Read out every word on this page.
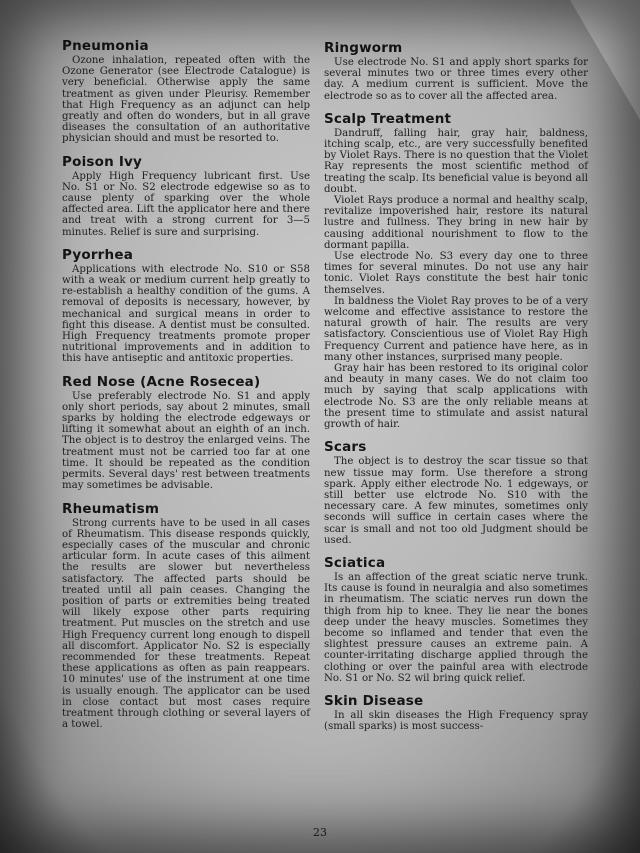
Pneumonia

Ozone inhalation, repeated often with the Ozone Generator (see Electrode Catalogue) is very beneficial. Otherwise apply the same treatment as given under Pleurisy. Remember that High Frequency as an adjunct can help greatly and often do wonders, but in all grave diseases the consultation of an authoritative physician should and must be resorted to.

Poison Ivy

Apply High Frequency lubricant first. Use No. S1 or No. S2 electrode edgewise so as to cause plenty of sparking over the whole affected area. Lift the applicator here and there and treat with a strong current for 3—5 minutes. Relief is sure and surprising.

Pyorrhea

Applications with electrode No. S10 or S58 with a weak or medium current help greatly to re-establish a healthy condition of the gums. A removal of deposits is necessary, however, by mechanical and surgical means in order to fight this disease. A dentist must be consulted. High Frequency treatments promote proper nutritional improvements and in addition to this have antiseptic and antitoxic properties.

Red Nose (Acne Rosecea)

Use preferably electrode No. S1 and apply only short periods, say about 2 minutes, small sparks by holding the electrode edgeways or lifting it somewhat about an eighth of an inch. The object is to destroy the enlarged veins. The treatment must not be carried too far at one time. It should be repeated as the condition permits. Several days' rest between treatments may sometimes be advisable.

Rheumatism

Strong currents have to be used in all cases of Rheumatism. This disease responds quickly, especially cases of the muscular and chronic articular form. In acute cases of this ailment the results are slower but nevertheless satisfactory. The affected parts should be treated until all pain ceases. Changing the position of parts or extremities being treated will likely expose other parts requiring treatment. Put muscles on the stretch and use High Frequency current long enough to dispell all discomfort. Applicator No. S2 is especially recommended for these treatments. Repeat these applications as often as pain reappears. 10 minutes' use of the instrument at one time is usually enough. The applicator can be used in close contact but most cases require treatment through clothing or several layers of a towel.

Ringworm

Use electrode No. S1 and apply short sparks for several minutes two or three times every other day. A medium current is sufficient. Move the electrode so as to cover all the affected area.

Scalp Treatment

Dandruff, falling hair, gray hair, baldness, itching scalp, etc., are very successfully benefited by Violet Rays. There is no question that the Violet Ray represents the most scientific method of treating the scalp. Its beneficial value is beyond all doubt.

Violet Rays produce a normal and healthy scalp, revitalize impoverished hair, restore its natural lustre and fullness. They bring in new hair by causing additional nourishment to flow to the dormant papilla.

Use electrode No. S3 every day one to three times for several minutes. Do not use any hair tonic. Violet Rays constitute the best hair tonic themselves.

In baldness the Violet Ray proves to be of a very welcome and effective assistance to restore the natural growth of hair. The results are very satisfactory. Conscientious use of Violet Ray High Frequency Current and patience have here, as in many other instances, surprised many people.

Gray hair has been restored to its original color and beauty in many cases. We do not claim too much by saying that scalp applications with electrode No. S3 are the only reliable means at the present time to stimulate and assist natural growth of hair.

Scars

The object is to destroy the scar tissue so that new tissue may form. Use therefore a strong spark. Apply either electrode No. 1 edgeways, or still better use elctrode No. S10 with the necessary care. A few minutes, sometimes only seconds will suffice in certain cases where the scar is small and not too old Judgment should be used.

Sciatica

Is an affection of the great sciatic nerve trunk. Its cause is found in neuralgia and also sometimes in rheumatism. The sciatic nerves run down the thigh from hip to knee. They lie near the bones deep under the heavy muscles. Sometimes they become so inflamed and tender that even the slightest pressure causes an extreme pain. A counter-irritating discharge applied through the clothing or over the painful area with electrode No. S1 or No. S2 wil bring quick relief.

Skin Disease

In all skin diseases the High Frequency spray (small sparks) is most success-

23
